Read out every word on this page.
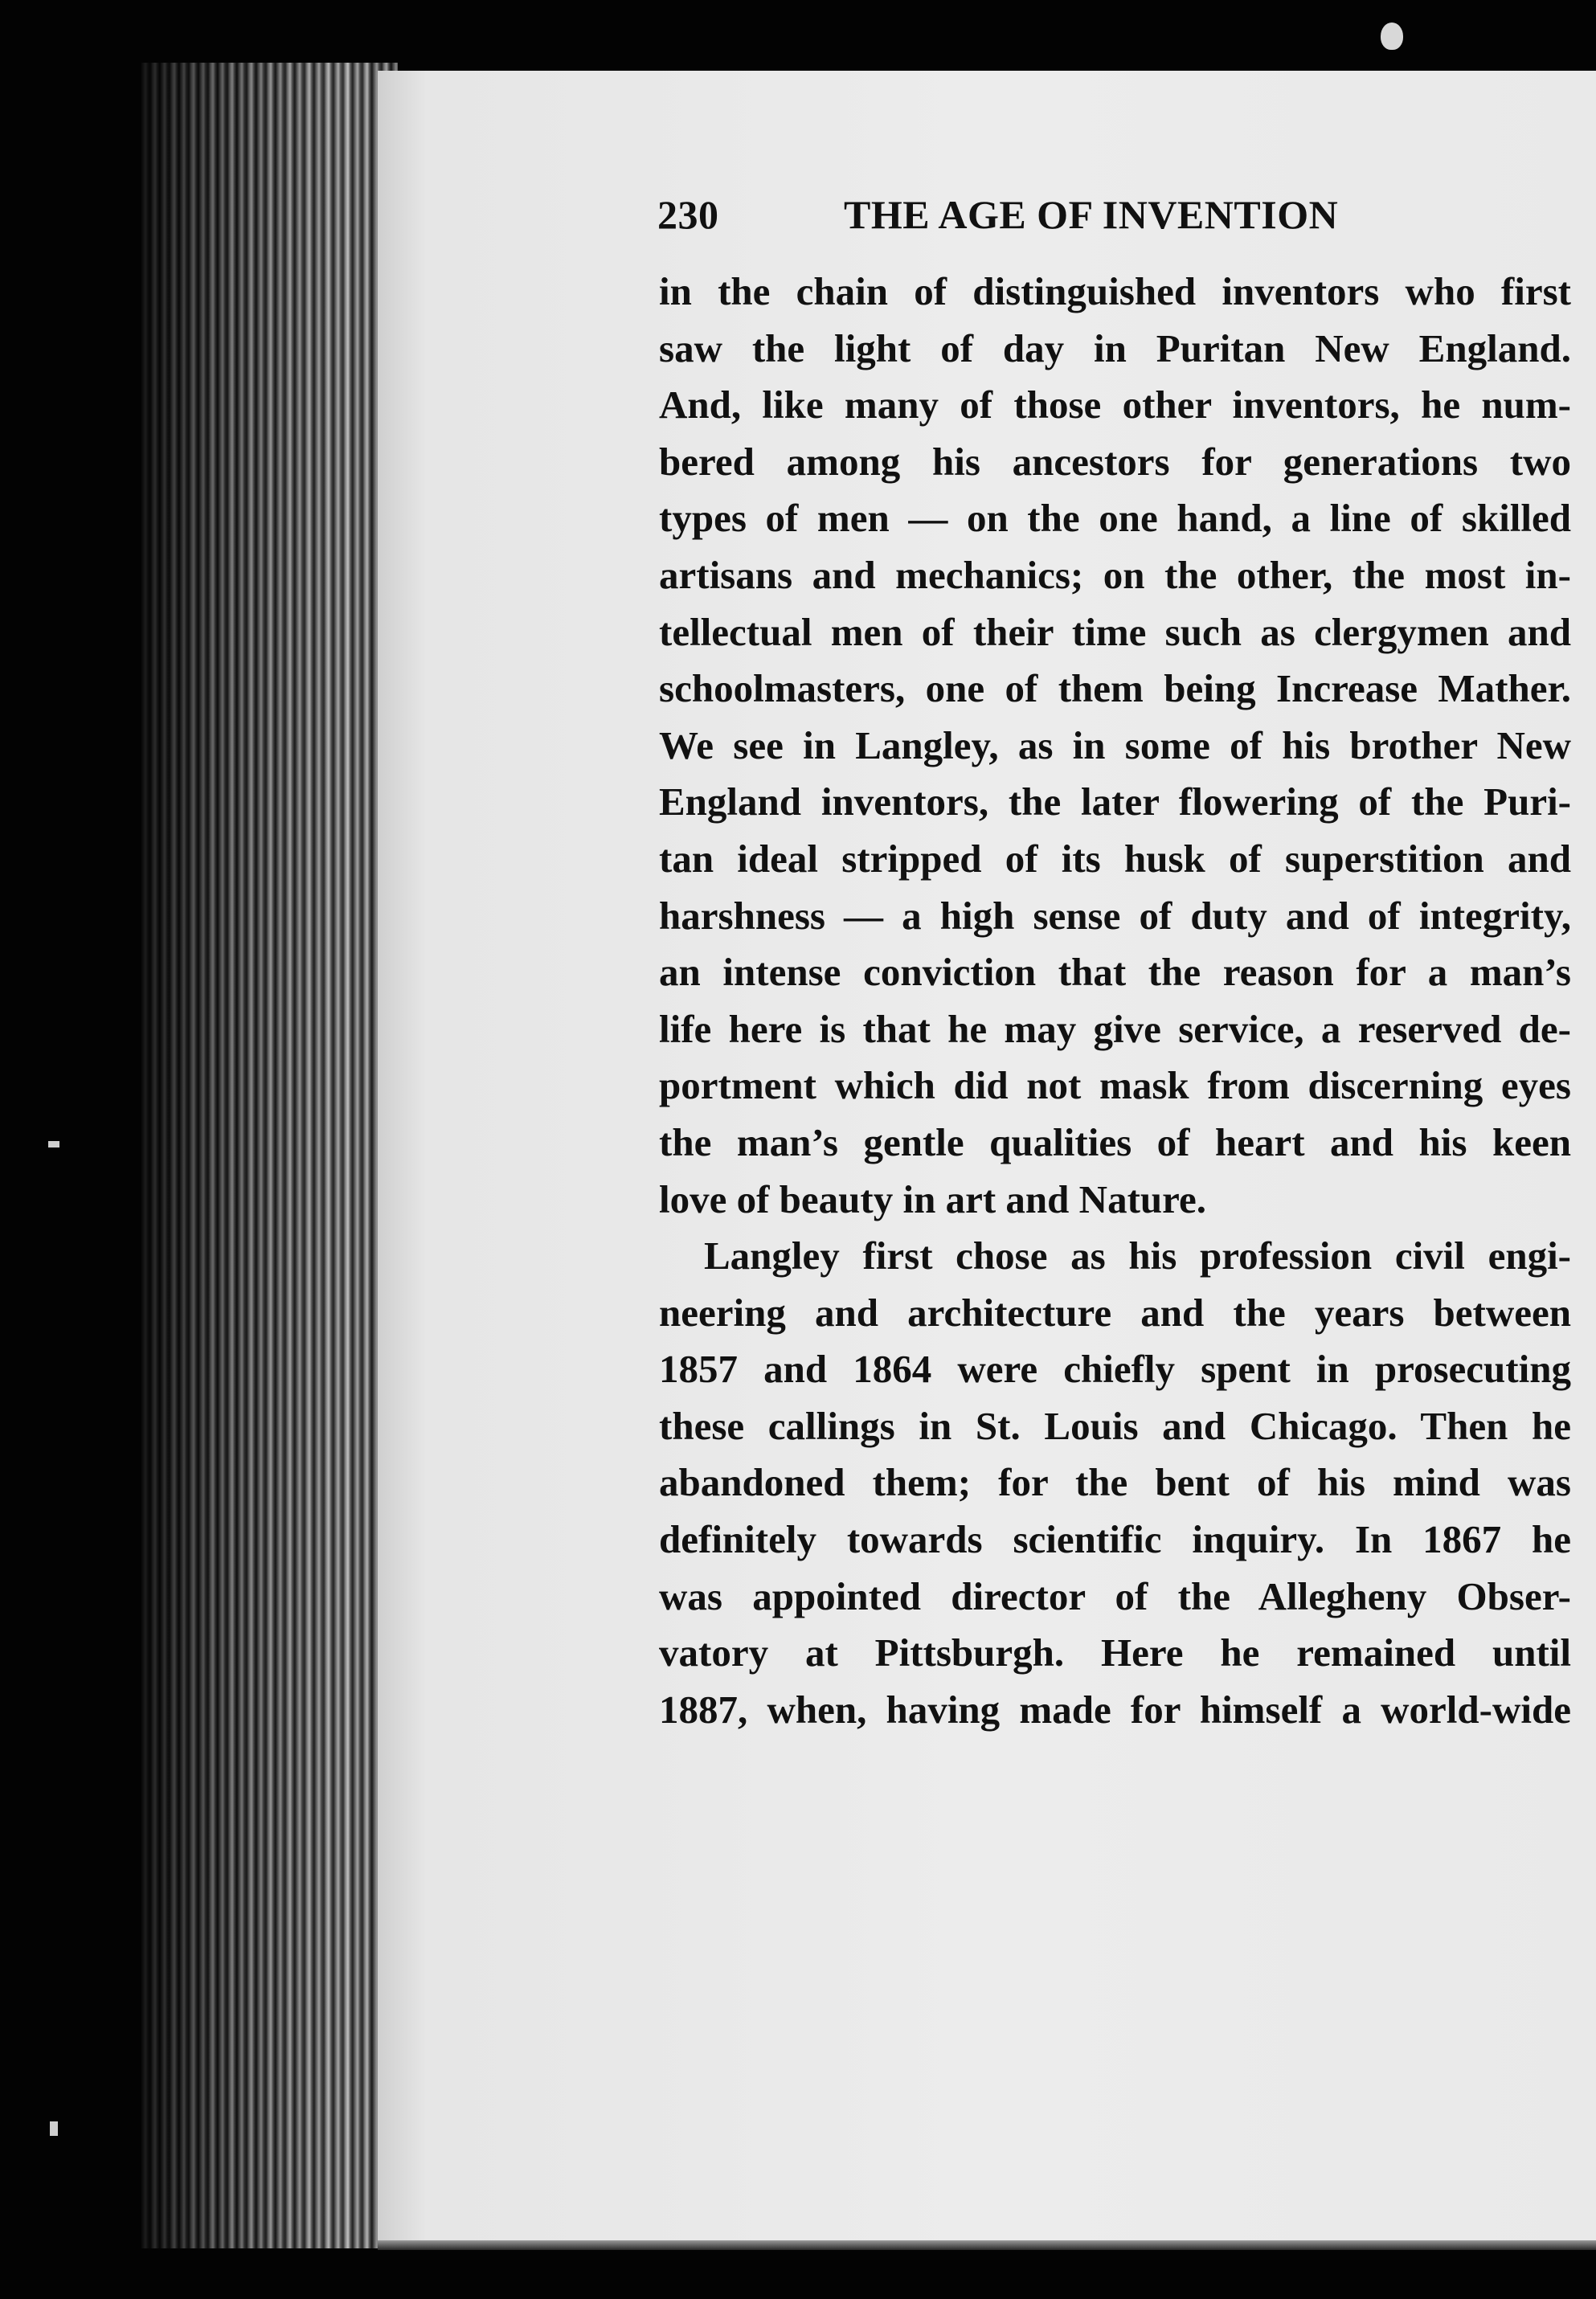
230	THE AGE OF INVENTION
in the chain of distinguished inventors who first
saw the light of day in Puritan New England.
And, like many of those other inventors, he num-
bered among his ancestors for generations two
types of men — on the one hand, a line of skilled
artisans and mechanics; on the other, the most in-
tellectual men of their time such as clergymen and
schoolmasters, one of them being Increase Mather.
We see in Langley, as in some of his brother New
England inventors, the later flowering of the Puri-
tan ideal stripped of its husk of superstition and
harshness — a high sense of duty and of integrity,
an intense conviction that the reason for a man’s
life here is that he may give service, a reserved de-
portment which did not mask from discerning eyes
the man’s gentle qualities of heart and his keen
love of beauty in art and Nature.
Langley first chose as his profession civil engi-
neering and architecture and the years between
1857 and 1864 were chiefly spent in prosecuting
these callings in St. Louis and Chicago. Then he
abandoned them; for the bent of his mind was
definitely towards scientific inquiry. In 1867 he
was appointed director of the Allegheny Obser-
vatory at Pittsburgh. Here he remained until
1887, when, having made for himself a world-wide
